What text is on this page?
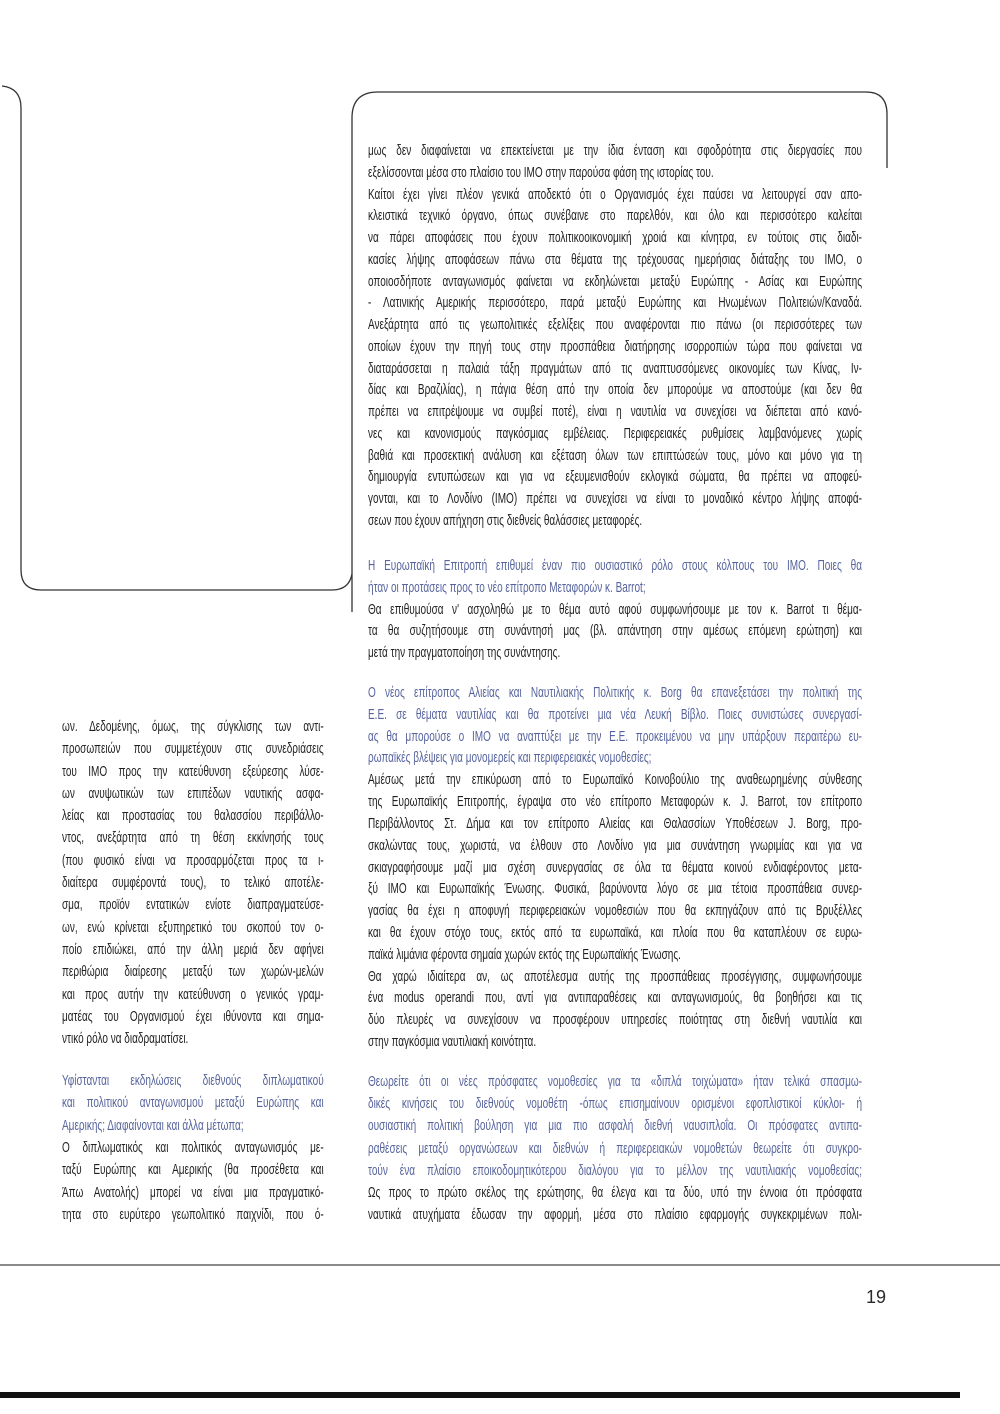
ων. Δεδομένης, όμως, της σύγκλισης των αντι-
προσωπειών που συμμετέχουν στις συνεδριάσεις
του ΙΜΟ προς την κατεύθυνση εξεύρεσης λύσε-
ων ανυψωτικών των επιπέδων ναυτικής ασφα-
λείας και προστασίας του θαλασσίου περιβάλλο-
ντος, ανεξάρτητα από τη θέση εκκίνησής τους
(που φυσικό είναι να προσαρμόζεται προς τα ι-
διαίτερα συμφέροντά τους), το τελικό αποτέλε-
σμα, προϊόν εντατικών ενίοτε διαπραγματεύσε-
ων, ενώ κρίνεται εξυπηρετικό του σκοπού τον ο-
ποίο επιδιώκει, από την άλλη μεριά δεν αφήνει
περιθώρια διαίρεσης μεταξύ των χωρών-μελών
και προς αυτήν την κατεύθυνση ο γενικός γραμ-
ματέας του Οργανισμού έχει ιθύνοντα και σημα-
ντικό ρόλο να διαδραματίσει.
Υφίστανται εκδηλώσεις διεθνούς διπλωματικού
και πολιτικού ανταγωνισμού μεταξύ Ευρώπης και
Αμερικής; Διαφαίνονται και άλλα μέτωπα;
Ο διπλωματικός και πολιτικός ανταγωνισμός με-
ταξύ Ευρώπης και Αμερικής (θα προσέθετα και
Άπω Ανατολής) μπορεί να είναι μια πραγματικό-
τητα στο ευρύτερο γεωπολιτικό παιχνίδι, που ό-
μως δεν διαφαίνεται να επεκτείνεται με την ίδια ένταση και σφοδρότητα στις διεργασίες που
εξελίσσονται μέσα στο πλαίσιο του ΙΜΟ στην παρούσα φάση της ιστορίας του.
Καίτοι έχει γίνει πλέον γενικά αποδεκτό ότι ο Οργανισμός έχει παύσει να λειτουργεί σαν απο-
κλειστικά τεχνικό όργανο, όπως συνέβαινε στο παρελθόν, και όλο και περισσότερο καλείται
να πάρει αποφάσεις που έχουν πολιτικοοικονομική χροιά και κίνητρα, εν τούτοις στις διαδι-
κασίες λήψης αποφάσεων πάνω στα θέματα της τρέχουσας ημερήσιας διάταξης του ΙΜΟ, ο
οποιοσδήποτε ανταγωνισμός φαίνεται να εκδηλώνεται μεταξύ Ευρώπης - Ασίας και Ευρώπης
- Λατινικής Αμερικής περισσότερο, παρά μεταξύ Ευρώπης και Ηνωμένων Πολιτειών/Καναδά.
Ανεξάρτητα από τις γεωπολιτικές εξελίξεις που αναφέρονται πιο πάνω (οι περισσότερες των
οποίων έχουν την πηγή τους στην προσπάθεια διατήρησης ισορροπιών τώρα που φαίνεται να
διαταράσσεται η παλαιά τάξη πραγμάτων από τις αναπτυσσόμενες οικονομίες των Κίνας, Ιν-
δίας και Βραζιλίας), η πάγια θέση από την οποία δεν μπορούμε να αποστούμε (και δεν θα
πρέπει να επιτρέψουμε να συμβεί ποτέ), είναι η ναυτιλία να συνεχίσει να διέπεται από κανό-
νες και κανονισμούς παγκόσμιας εμβέλειας. Περιφερειακές ρυθμίσεις λαμβανόμενες χωρίς
βαθιά και προσεκτική ανάλυση και εξέταση όλων των επιπτώσεών τους, μόνο και μόνο για τη
δημιουργία εντυπώσεων και για να εξευμενισθούν εκλογικά σώματα, θα πρέπει να αποφεύ-
γονται, και το Λονδίνο (ΙΜΟ) πρέπει να συνεχίσει να είναι το μοναδικό κέντρο λήψης αποφά-
σεων που έχουν απήχηση στις διεθνείς θαλάσσιες μεταφορές.
Η Ευρωπαϊκή Επιτροπή επιθυμεί έναν πιο ουσιαστικό ρόλο στους κόλπους του ΙΜΟ. Ποιες θα
ήταν οι προτάσεις προς το νέο επίτροπο Μεταφορών κ. Barrot;
Θα επιθυμούσα ν' ασχοληθώ με το θέμα αυτό αφού συμφωνήσουμε με τον κ. Barrot τι θέμα-
τα θα συζητήσουμε στη συνάντησή μας (βλ. απάντηση στην αμέσως επόμενη ερώτηση) και
μετά την πραγματοποίηση της συνάντησης.
Ο νέος επίτροπος Αλιείας και Ναυτιλιακής Πολιτικής κ. Borg θα επανεξετάσει την πολιτική της
Ε.Ε. σε θέματα ναυτιλίας και θα προτείνει μια νέα Λευκή Βίβλο. Ποιες συνιστώσες συνεργασί-
ας θα μπορούσε ο ΙΜΟ να αναπτύξει με την Ε.Ε. προκειμένου να μην υπάρξουν περαιτέρω ευ-
ρωπαϊκές βλέψεις για μονομερείς και περιφερειακές νομοθεσίες;
Αμέσως μετά την επικύρωση από το Ευρωπαϊκό Κοινοβούλιο της αναθεωρημένης σύνθεσης
της Ευρωπαϊκής Επιτροπής, έγραψα στο νέο επίτροπο Μεταφορών κ. J. Barrot, τον επίτροπο
Περιβάλλοντος Στ. Δήμα και τον επίτροπο Αλιείας και Θαλασσίων Υποθέσεων J. Borg, προ-
σκαλώντας τους, χωριστά, να έλθουν στο Λονδίνο για μια συνάντηση γνωριμίας και για να
σκιαγραφήσουμε μαζί μια σχέση συνεργασίας σε όλα τα θέματα κοινού ενδιαφέροντος μετα-
ξύ ΙΜΟ και Ευρωπαϊκής Ένωσης. Φυσικά, βαρύνοντα λόγο σε μια τέτοια προσπάθεια συνερ-
γασίας θα έχει η αποφυγή περιφερειακών νομοθεσιών που θα εκπηγάζουν από τις Βρυξέλλες
και θα έχουν στόχο τους, εκτός από τα ευρωπαϊκά, και πλοία που θα καταπλέουν σε ευρω-
παϊκά λιμάνια φέροντα σημαία χωρών εκτός της Ευρωπαϊκής Ένωσης.
Θα χαρώ ιδιαίτερα αν, ως αποτέλεσμα αυτής της προσπάθειας προσέγγισης, συμφωνήσουμε
ένα modus operandi που, αντί για αντιπαραθέσεις και ανταγωνισμούς, θα βοηθήσει και τις
δύο πλευρές να συνεχίσουν να προσφέρουν υπηρεσίες ποιότητας στη διεθνή ναυτιλία και
στην παγκόσμια ναυτιλιακή κοινότητα.
Θεωρείτε ότι οι νέες πρόσφατες νομοθεσίες για τα «διπλά τοιχώματα» ήταν τελικά σπασμω-
δικές κινήσεις του διεθνούς νομοθέτη -όπως επισημαίνουν ορισμένοι εφοπλιστικοί κύκλοι- ή
ουσιαστική πολιτική βούληση για μια πιο ασφαλή διεθνή ναυσιπλοΐα. Οι πρόσφατες αντιπα-
ραθέσεις μεταξύ οργανώσεων και διεθνών ή περιφερειακών νομοθετών θεωρείτε ότι συγκρο-
τούν ένα πλαίσιο εποικοδομητικότερου διαλόγου για το μέλλον της ναυτιλιακής νομοθεσίας;
Ως προς το πρώτο σκέλος της ερώτησης, θα έλεγα και τα δύο, υπό την έννοια ότι πρόσφατα
ναυτικά ατυχήματα έδωσαν την αφορμή, μέσα στο πλαίσιο εφαρμογής συγκεκριμένων πολι-
19
